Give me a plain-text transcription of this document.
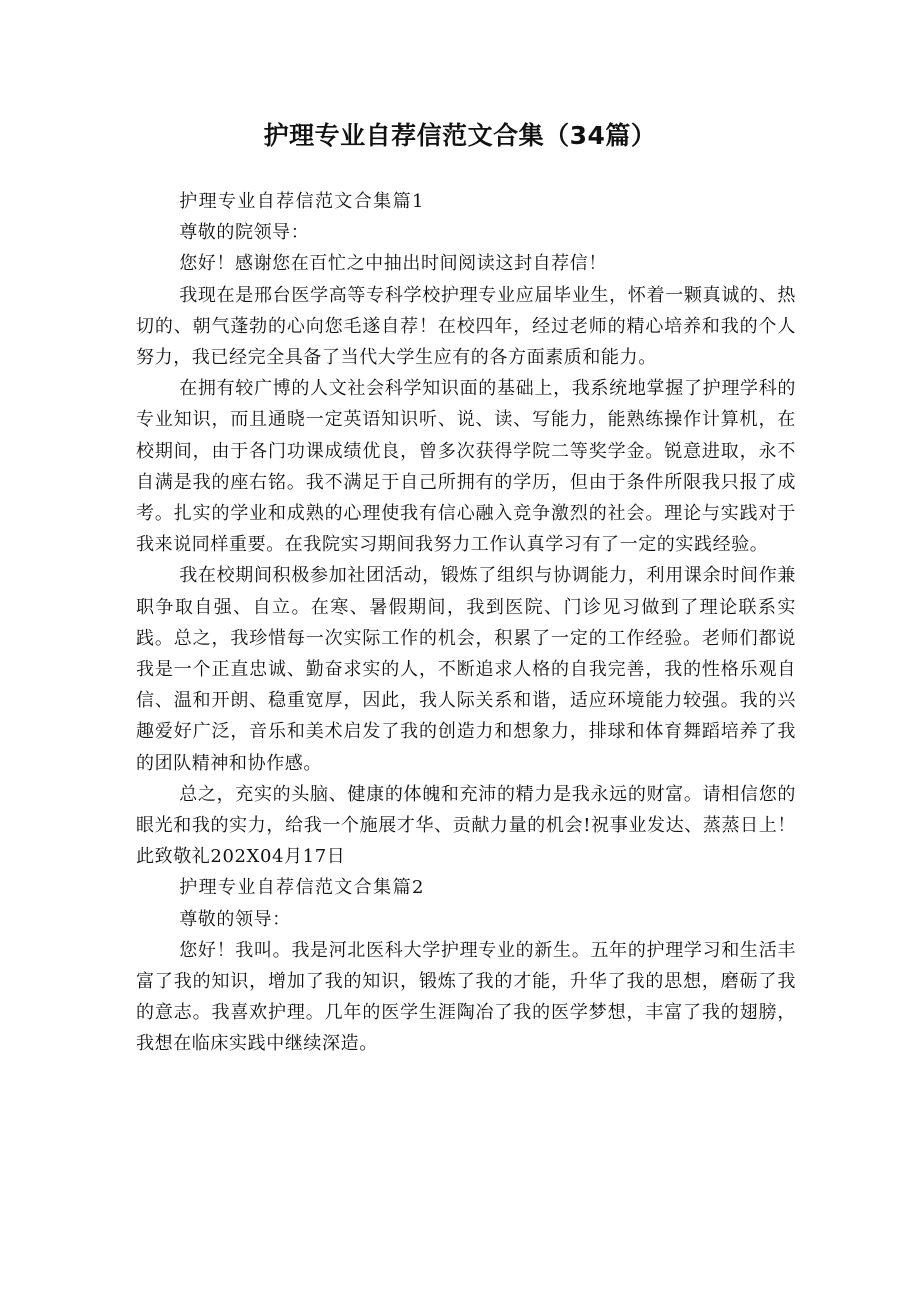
护理专业自荐信范文合集（34篇）

护理专业自荐信范文合集篇1

尊敬的院领导：

您好！感谢您在百忙之中抽出时间阅读这封自荐信！

我现在是邢台医学高等专科学校护理专业应届毕业生，怀着一颗真诚的、热切的、朝气蓬勃的心向您毛遂自荐！在校四年，经过老师的精心培养和我的个人努力，我已经完全具备了当代大学生应有的各方面素质和能力。

在拥有较广博的人文社会科学知识面的基础上，我系统地掌握了护理学科的专业知识，而且通晓一定英语知识听、说、读、写能力，能熟练操作计算机，在校期间，由于各门功课成绩优良，曾多次获得学院二等奖学金。锐意进取，永不自满是我的座右铭。我不满足于自己所拥有的学历，但由于条件所限我只报了成考。扎实的学业和成熟的心理使我有信心融入竞争激烈的社会。理论与实践对于我来说同样重要。在我院实习期间我努力工作认真学习有了一定的实践经验。

我在校期间积极参加社团活动，锻炼了组织与协调能力，利用课余时间作兼职争取自强、自立。在寒、暑假期间，我到医院、门诊见习做到了理论联系实践。总之，我珍惜每一次实际工作的机会，积累了一定的工作经验。老师们都说我是一个正直忠诚、勤奋求实的人，不断追求人格的自我完善，我的性格乐观自信、温和开朗、稳重宽厚，因此，我人际关系和谐，适应环境能力较强。我的兴趣爱好广泛，音乐和美术启发了我的创造力和想象力，排球和体育舞蹈培养了我的团队精神和协作感。

总之，充实的头脑、健康的体魄和充沛的精力是我永远的财富。请相信您的眼光和我的实力，给我一个施展才华、贡献力量的机会!祝事业发达、蒸蒸日上！此致敬礼202X04月17日

护理专业自荐信范文合集篇2

尊敬的领导：

您好！我叫。我是河北医科大学护理专业的新生。五年的护理学习和生活丰富了我的知识，增加了我的知识，锻炼了我的才能，升华了我的思想，磨砺了我的意志。我喜欢护理。几年的医学生涯陶冶了我的医学梦想，丰富了我的翅膀，我想在临床实践中继续深造。
